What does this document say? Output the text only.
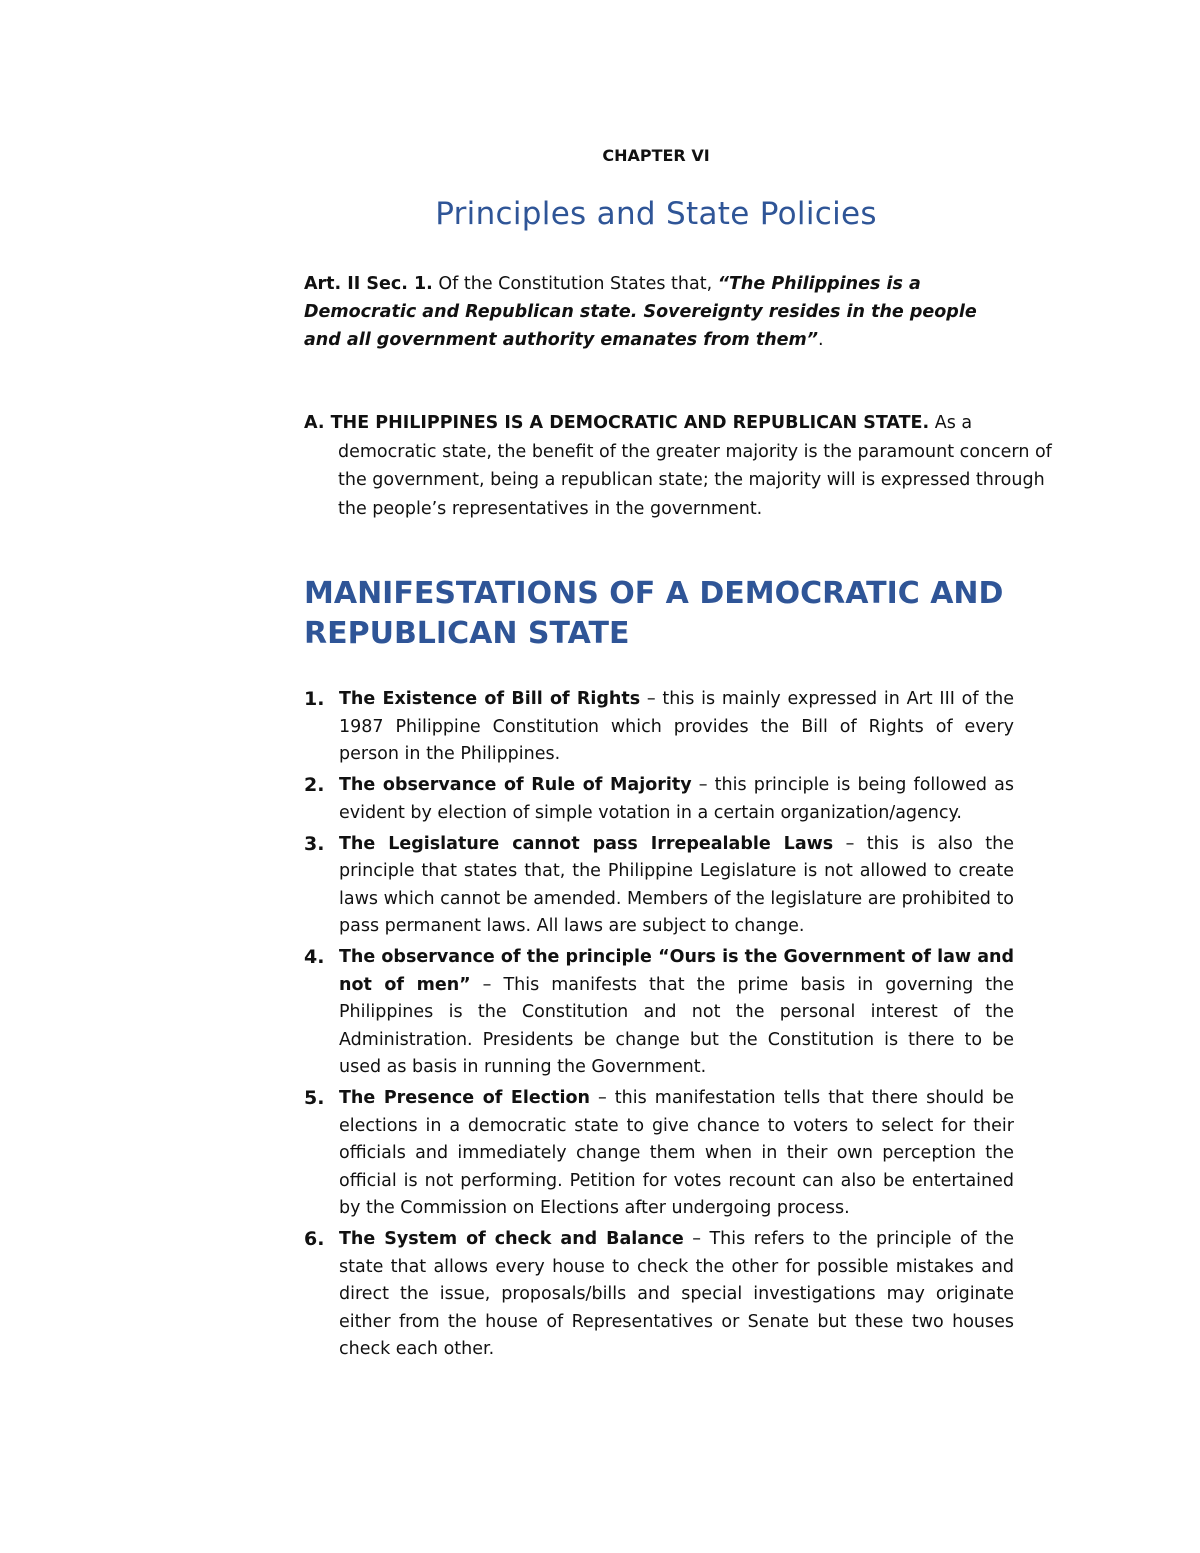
CHAPTER VI
Principles and State Policies

Art. II Sec. 1. Of the Constitution States that, “The Philippines is a Democratic and Republican state. Sovereignty resides in the people and all government authority emanates from them”.

A. THE PHILIPPINES IS A DEMOCRATIC AND REPUBLICAN STATE. As a democratic state, the benefit of the greater majority is the paramount concern of the government, being a republican state; the majority will is expressed through the people’s representatives in the government.

MANIFESTATIONS OF A DEMOCRATIC AND REPUBLICAN STATE
1. The Existence of Bill of Rights – this is mainly expressed in Art III of the 1987 Philippine Constitution which provides the Bill of Rights of every person in the Philippines.
2. The observance of Rule of Majority – this principle is being followed as evident by election of simple votation in a certain organization/agency.
3. The Legislature cannot pass Irrepealable Laws – this is also the principle that states that, the Philippine Legislature is not allowed to create laws which cannot be amended. Members of the legislature are prohibited to pass permanent laws. All laws are subject to change.
4. The observance of the principle “Ours is the Government of law and not of men” – This manifests that the prime basis in governing the Philippines is the Constitution and not the personal interest of the Administration. Presidents be change but the Constitution is there to be used as basis in running the Government.
5. The Presence of Election – this manifestation tells that there should be elections in a democratic state to give chance to voters to select for their officials and immediately change them when in their own perception the official is not performing. Petition for votes recount can also be entertained by the Commission on Elections after undergoing process.
6. The System of check and Balance – This refers to the principle of the state that allows every house to check the other for possible mistakes and direct the issue, proposals/bills and special investigations may originate either from the house of Representatives or Senate but these two houses check each other.
